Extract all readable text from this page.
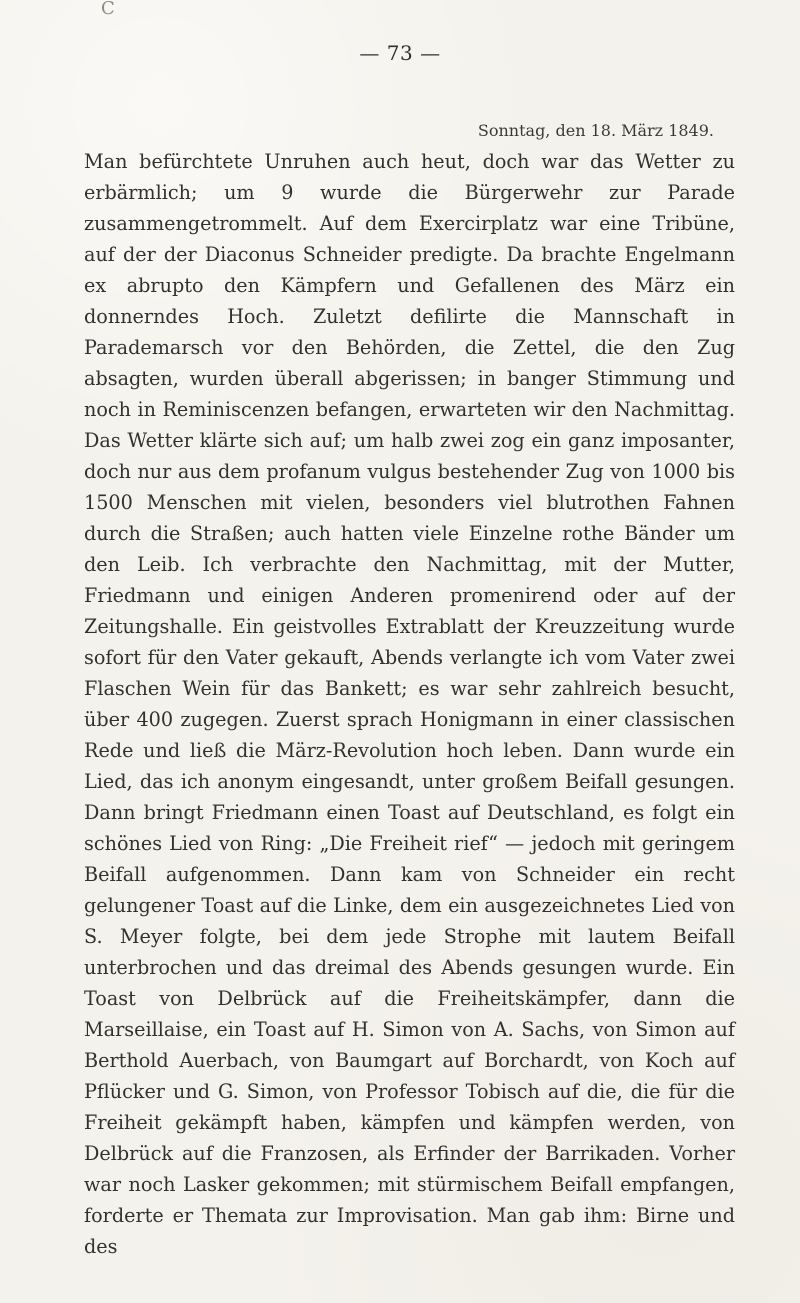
C
— 73 —
Sonntag, den 18. März 1849.

Man befürchtete Unruhen auch heut, doch war das Wetter zu erbärmlich; um 9 wurde die Bürgerwehr zur Parade zusammengetrommelt. Auf dem Exercirplatz war eine Tribüne, auf der der Diaconus Schneider predigte. Da brachte Engelmann ex abrupto den Kämpfern und Gefallenen des März ein donnerndes Hoch. Zuletzt defilirte die Mannschaft in Parademarsch vor den Behörden, die Zettel, die den Zug absagten, wurden überall abgerissen; in banger Stimmung und noch in Reminiscenzen befangen, erwarteten wir den Nachmittag. Das Wetter klärte sich auf; um halb zwei zog ein ganz imposanter, doch nur aus dem profanum vulgus bestehender Zug von 1000 bis 1500 Menschen mit vielen, besonders viel blutrothen Fahnen durch die Straßen; auch hatten viele Einzelne rothe Bänder um den Leib. Ich verbrachte den Nachmittag, mit der Mutter, Friedmann und einigen Anderen promenirend oder auf der Zeitungshalle. Ein geistvolles Extrablatt der Kreuzzeitung wurde sofort für den Vater gekauft, Abends verlangte ich vom Vater zwei Flaschen Wein für das Bankett; es war sehr zahlreich besucht, über 400 zugegen. Zuerst sprach Honigmann in einer classischen Rede und ließ die März-Revolution hoch leben. Dann wurde ein Lied, das ich anonym eingesandt, unter großem Beifall gesungen. Dann bringt Friedmann einen Toast auf Deutschland, es folgt ein schönes Lied von Ring: „Die Freiheit rief“ — jedoch mit geringem Beifall aufgenommen. Dann kam von Schneider ein recht gelungener Toast auf die Linke, dem ein ausgezeichnetes Lied von S. Meyer folgte, bei dem jede Strophe mit lautem Beifall unterbrochen und das dreimal des Abends gesungen wurde. Ein Toast von Delbrück auf die Freiheitskämpfer, dann die Marseillaise, ein Toast auf H. Simon von A. Sachs, von Simon auf Berthold Auerbach, von Baumgart auf Borchardt, von Koch auf Pflücker und G. Simon, von Professor Tobisch auf die, die für die Freiheit gekämpft haben, kämpfen und kämpfen werden, von Delbrück auf die Franzosen, als Erfinder der Barrikaden. Vorher war noch Lasker gekommen; mit stürmischem Beifall empfangen, forderte er Themata zur Improvisation. Man gab ihm: Birne und des
